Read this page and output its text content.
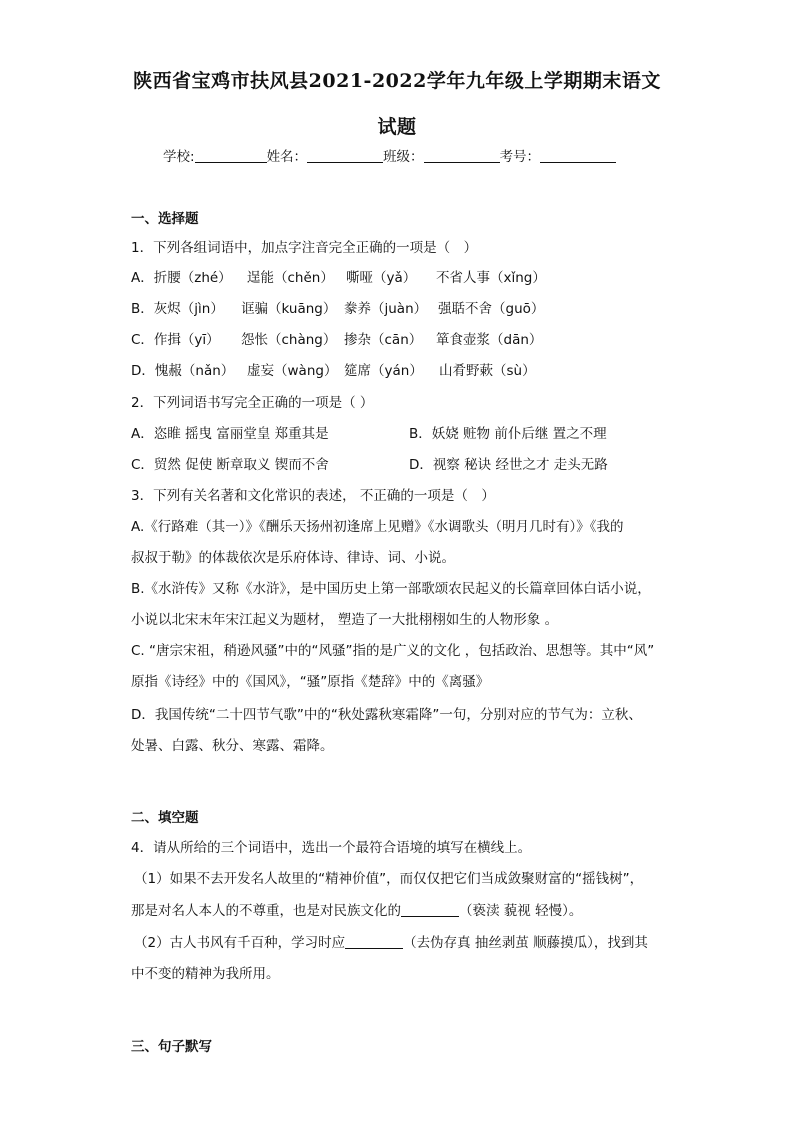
陕西省宝鸡市扶风县2021-2022学年九年级上学期期末语文
试题
学校:	姓名：	班级：	考号：
一、选择题
1．下列各组词语中，加点字注音完全正确的一项是（　）
A．折腰（zhé） 逞能（chěn） 嘶哑（yǎ） 不省人事（xǐng）
B．灰烬（jìn） 诓骗（kuāng） 豢养（juàn） 强聒不舍（guō）
C．作揖（yī） 怨怅（chàng） 掺杂（cān） 箪食壶浆（dān）
D．愧赧（nǎn） 虚妄（wàng） 筵席（yán） 山肴野蔌（sù）
2．下列词语书写完全正确的一项是（ ）
A．恣睢 摇曳 富丽堂皇 郑重其是	B．妖娆 赃物 前仆后继 置之不理
C．贸然 促使 断章取义 锲而不舍	D．视察 秘诀 经世之才 走头无路
3．下列有关名著和文化常识的表述， 不正确的一项是（　）
A.《行路难（其一）》《酬乐天扬州初逢席上见赠》《水调歌头（明月几时有）》《我的
叔叔于勒》的体裁依次是乐府体诗、律诗、词、小说。
B.《水浒传》又称《水浒》，是中国历史上第一部歌颂农民起义的长篇章回体白话小说，
小说以北宋末年宋江起义为题材， 塑造了一大批栩栩如生的人物形象 。
C. “唐宗宋祖，稍逊风骚”中的“风骚”指的是广义的文化 ，包括政治、思想等。其中“风”
原指《诗经》中的《国风》，“骚”原指《楚辞》中的《离骚》
D．我国传统“二十四节气歌”中的“秋处露秋寒霜降”一句，分别对应的节气为：立秋、
处暑、白露、秋分、寒露、霜降。
二、填空题
4．请从所给的三个词语中，选出一个最符合语境的填写在横线上。
（1）如果不去开发名人故里的“精神价值”，而仅仅把它们当成敛聚财富的“摇钱树”，
那是对名人本人的不尊重，也是对民族文化的	（亵渎 藐视 轻慢）。
（2）古人书风有千百种，学习时应	（去伪存真 抽丝剥茧 顺藤摸瓜），找到其
中不变的精神为我所用。
三、句子默写
